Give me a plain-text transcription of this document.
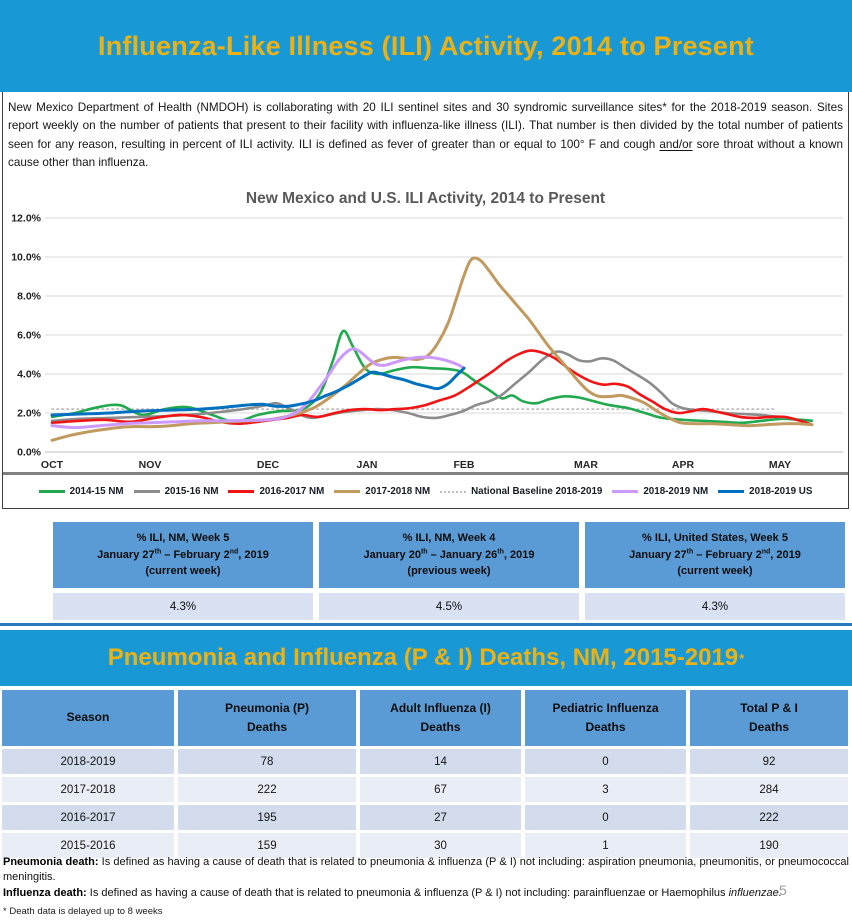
Influenza-Like Illness (ILI) Activity, 2014 to Present
New Mexico Department of Health (NMDOH) is collaborating with 20 ILI sentinel sites and 30 syndromic surveillance sites* for the 2018-2019 season. Sites report weekly on the number of patients that present to their facility with influenza-like illness (ILI). That number is then divided by the total number of patients seen for any reason, resulting in percent of ILI activity. ILI is defined as fever of greater than or equal to 100° F and cough and/or sore throat without a known cause other than influenza.
New Mexico and U.S. ILI Activity, 2014 to Present
0.0%
2.0%
4.0%
6.0%
8.0%
10.0%
12.0%
OCT	NOV	DEC	JAN	FEB	MAR	APR	MAY
2014-15 NM	2015-16 NM	2016-2017 NM	2017-2018 NM	National Baseline 2018-2019	2018-2019 NM	2018-2019 US
% ILI, NM, Week 5
January 27th – February 2nd, 2019
(current week)
% ILI, NM, Week 4
January 20th – January 26th, 2019
(previous week)
% ILI, United States, Week 5
January 27th – February 2nd, 2019
(current week)
4.3%	4.5%	4.3%
Pneumonia and Influenza (P & I) Deaths, NM, 2015-2019*
Season
Pneumonia (P)
Deaths
Adult Influenza (I)
Deaths
Pediatric Influenza
Deaths
Total P & I
Deaths
2018-2019	78	14	0	92
2017-2018	222	67	3	284
2016-2017	195	27	0	222
2015-2016	159	30	1	190
Pneumonia death: Is defined as having a cause of death that is related to pneumonia & influenza (P & I) not including: aspiration pneumonia, pneumonitis, or pneumococcal meningitis.
Influenza death: Is defined as having a cause of death that is related to pneumonia & influenza (P & I) not including: parainfluenzae or Haemophilus influenzae.
* Death data is delayed up to 8 weeks
5
